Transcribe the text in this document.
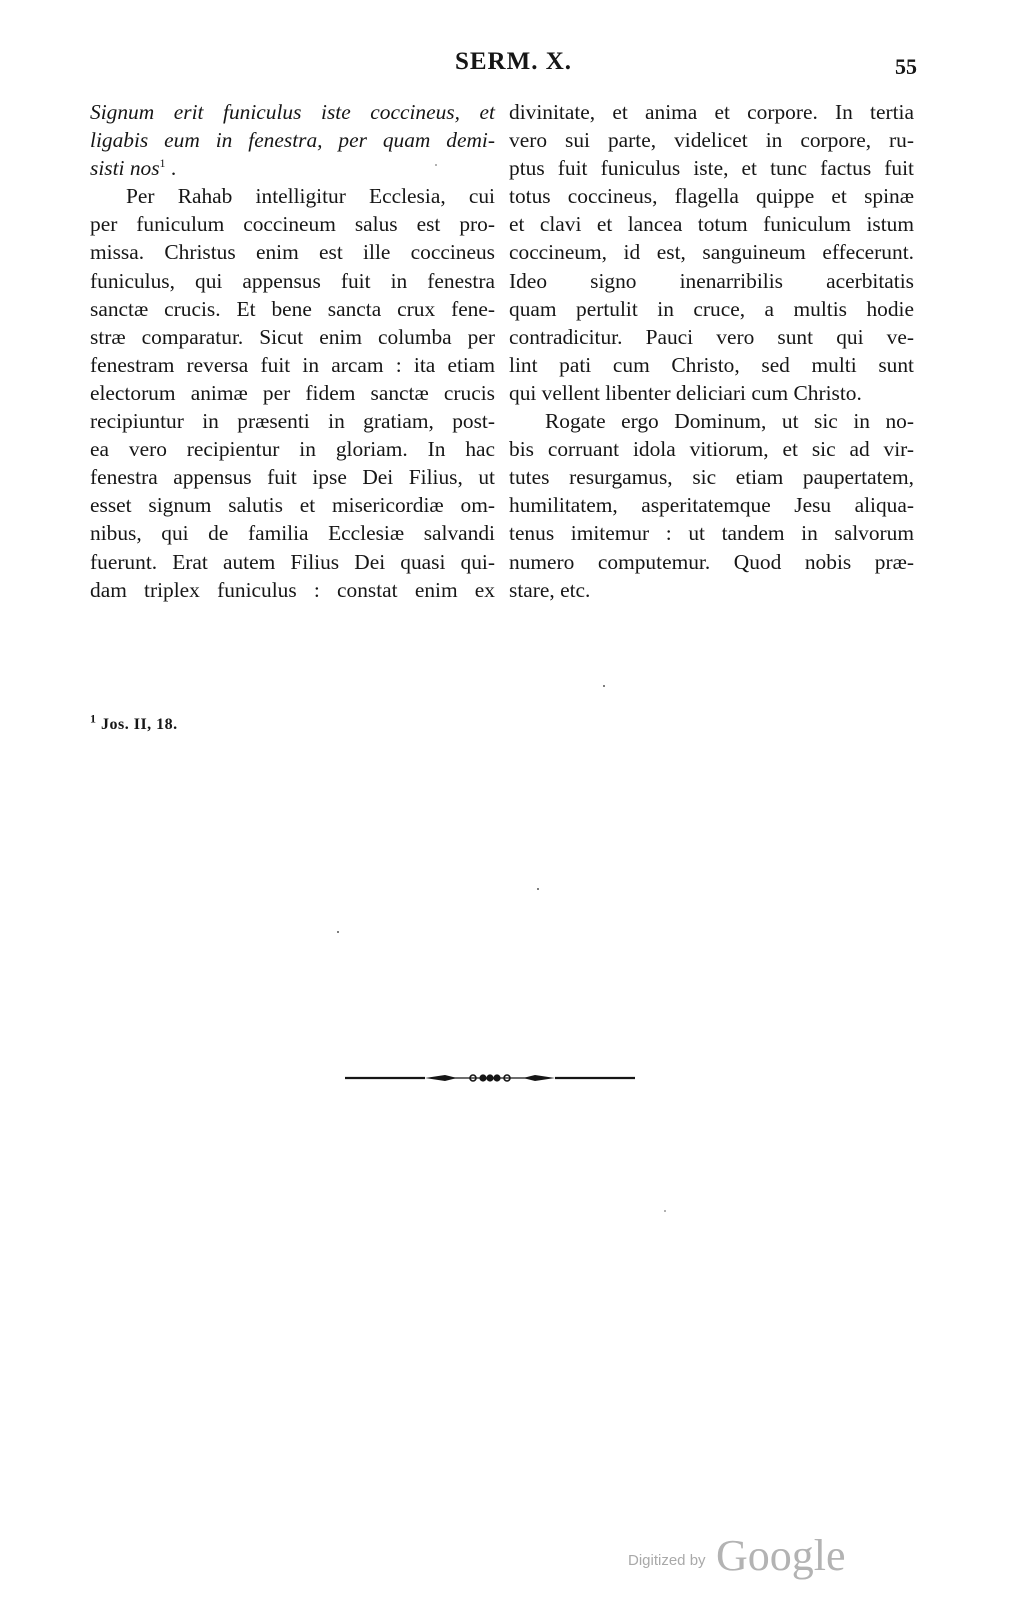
SERM. X.	55
Signum erit funiculus iste coccineus, et
ligabis eum in fenestra, per quam demi-
sisti nos$^1$ .
Per Rahab intelligitur Ecclesia, cui
per funiculum coccineum salus est pro-
missa. Christus enim est ille coccineus
funiculus, qui appensus fuit in fenestra
sanctæ crucis. Et bene sancta crux fene-
stræ comparatur. Sicut enim columba per
fenestram reversa fuit in arcam : ita etiam
electorum animæ per fidem sanctæ crucis
recipiuntur in præsenti in gratiam, post-
ea vero recipientur in gloriam. In hac
fenestra appensus fuit ipse Dei Filius, ut
esset signum salutis et misericordiæ om-
nibus, qui de familia Ecclesiæ salvandi
fuerunt. Erat autem Filius Dei quasi qui-
dam triplex funiculus : constat enim ex
divinitate, et anima et corpore. In tertia
vero sui parte, videlicet in corpore, ru-
ptus fuit funiculus iste, et tunc factus fuit
totus coccineus, flagella quippe et spinæ
et clavi et lancea totum funiculum istum
coccineum, id est, sanguineum effecerunt.
Ideo signo inenarribilis acerbitatis
quam pertulit in cruce, a multis hodie
contradicitur. Pauci vero sunt qui ve-
lint pati cum Christo, sed multi sunt
qui vellent libenter deliciari cum Christo.
Rogate ergo Dominum, ut sic in no-
bis corruant idola vitiorum, et sic ad vir-
tutes resurgamus, sic etiam paupertatem,
humilitatem, asperitatemque Jesu aliqua-
tenus imitemur : ut tandem in salvorum
numero computemur. Quod nobis præ-
stare, etc.
$^1$ Jos. II, 18.
Digitized by Google
